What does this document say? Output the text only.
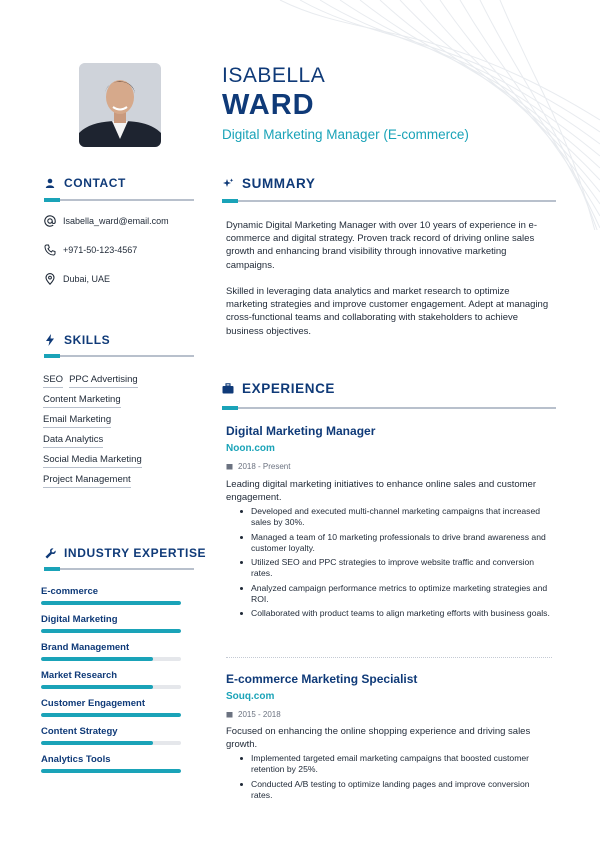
ISABELLA
WARD
Digital Marketing Manager (E-commerce)
CONTACT
Isabella_ward@email.com
+971-50-123-4567
Dubai, UAE
SKILLS
SEO PPC Advertising
Content Marketing
Email Marketing
Data Analytics
Social Media Marketing
Project Management
INDUSTRY EXPERTISE
E-commerce
Digital Marketing
Brand Management
Market Research
Customer Engagement
Content Strategy
Analytics Tools
SUMMARY
Dynamic Digital Marketing Manager with over 10 years of experience in e-commerce and digital strategy. Proven track record of driving online sales growth and enhancing brand visibility through innovative marketing campaigns.
Skilled in leveraging data analytics and market research to optimize marketing strategies and improve customer engagement. Adept at managing cross-functional teams and collaborating with stakeholders to achieve business objectives.
EXPERIENCE
Digital Marketing Manager
Noon.com
2018 - Present
Leading digital marketing initiatives to enhance online sales and customer engagement.
Developed and executed multi-channel marketing campaigns that increased sales by 30%.
Managed a team of 10 marketing professionals to drive brand awareness and customer loyalty.
Utilized SEO and PPC strategies to improve website traffic and conversion rates.
Analyzed campaign performance metrics to optimize marketing strategies and ROI.
Collaborated with product teams to align marketing efforts with business goals.
E-commerce Marketing Specialist
Souq.com
2015 - 2018
Focused on enhancing the online shopping experience and driving sales growth.
Implemented targeted email marketing campaigns that boosted customer retention by 25%.
Conducted A/B testing to optimize landing pages and improve conversion rates.
